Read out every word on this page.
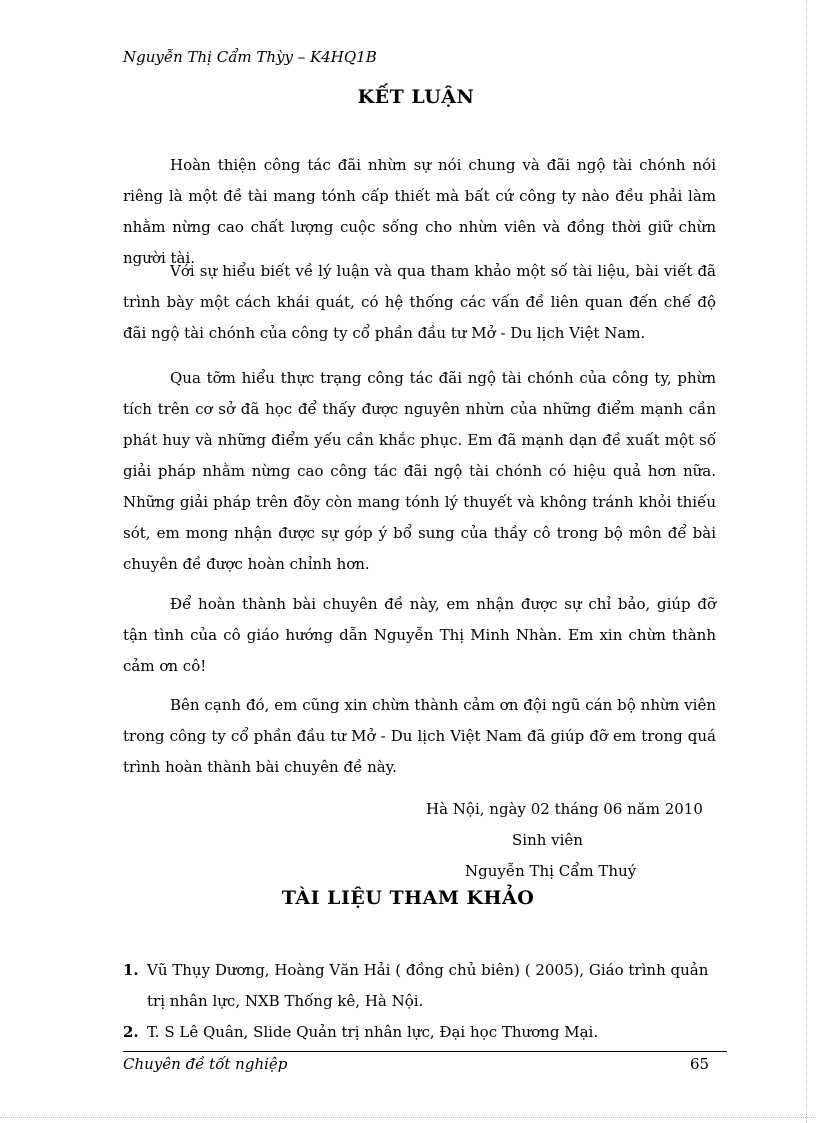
Nguyễn Thị Cẩm Thỳy – K4HQ1B
KẾT LUẬN

Hoàn thiện công tác đãi nhừn sự nói chung và đãi ngộ tài chónh nói riêng là một đề tài mang tónh cấp thiết mà bất cứ công ty nào đều phải làm nhằm nừng cao chất lượng cuộc sống cho nhừn viên và đồng thời giữ chừn người tài.

Với sự hiểu biết về lý luận và qua tham khảo một số tài liệu, bài viết đã trình bày một cách khái quát, có hệ thống các vấn đề liên quan đến chế độ đãi ngộ tài chónh của công ty cổ phần đầu tư Mở - Du lịch Việt Nam.

Qua tỡm hiểu thực trạng công tác đãi ngộ tài chónh của công ty, phừn tích trên cơ sở đã học để thấy được nguyên nhừn của những điểm mạnh cần phát huy và những điểm yếu cần khắc phục. Em đã mạnh dạn đề xuất một số giải pháp nhằm nừng cao công tác đãi ngộ tài chónh có hiệu quả hơn nữa. Những giải pháp trên đõy còn mang tónh lý thuyết và không tránh khỏi thiếu sót, em mong nhận được sự góp ý bổ sung của thầy cô trong bộ môn để bài chuyên đề được hoàn chỉnh hơn.

Để hoàn thành bài chuyên đề này, em nhận được sự chỉ bảo, giúp đỡ tận tình của cô giáo hướng dẫn Nguyễn Thị Minh Nhàn. Em xin chừn thành cảm ơn cô!

Bên cạnh đó, em cũng xin chừn thành cảm ơn đội ngũ cán bộ nhừn viên trong công ty cổ phần đầu tư Mở - Du lịch Việt Nam đã giúp đỡ em trong quá trình hoàn thành bài chuyên đề này.

Hà Nội, ngày 02 tháng 06 năm 2010
Sinh viên
Nguyễn Thị Cẩm Thuý
TÀI LIỆU THAM KHẢO
1. Vũ Thụy Dương, Hoàng Văn Hải ( đồng chủ biên) ( 2005), Giáo trình quản trị nhân lực, NXB Thống kê, Hà Nội.
2. T. S Lê Quân, Slide Quản trị nhân lực, Đại học Thương Mại.
Chuyên đề tốt nghiệp	65
